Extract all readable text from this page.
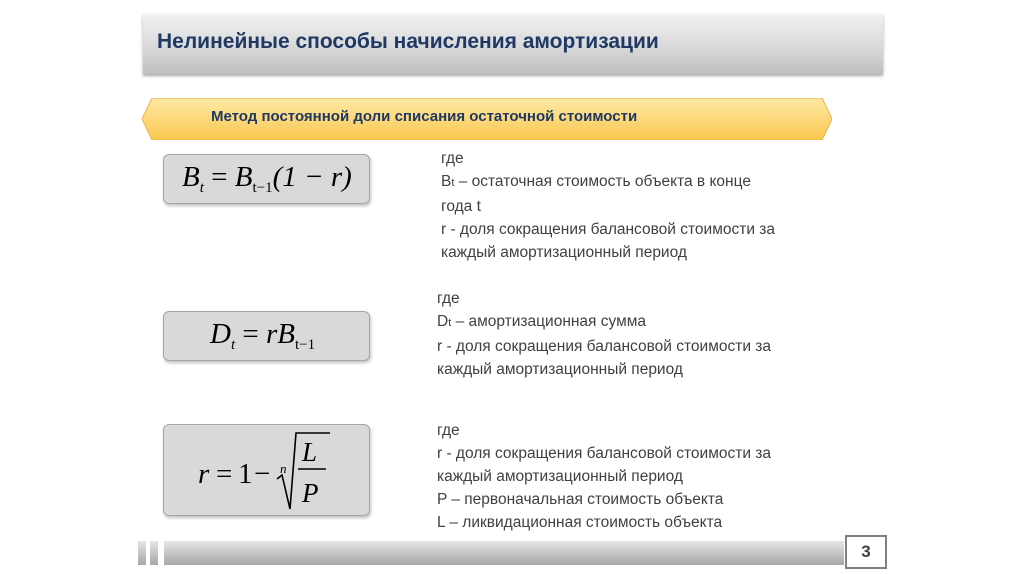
Нелинейные способы начисления амортизации
Метод постоянной доли списания остаточной стоимости
$B_t = B_{t-1}(1 - r)$
где
Bt – остаточная стоимость объекта в конце
года t
r - доля сокращения балансовой стоимости за
каждый амортизационный период
$D_t = rB_{t-1}$
где
Dt – амортизационная сумма
r - доля сокращения балансовой стоимости за
каждый амортизационный период
r = 1 − n
L
P
где
r - доля сокращения балансовой стоимости за
каждый амортизационный период
P – первоначальная стоимость объекта
L – ликвидационная стоимость объекта
3
